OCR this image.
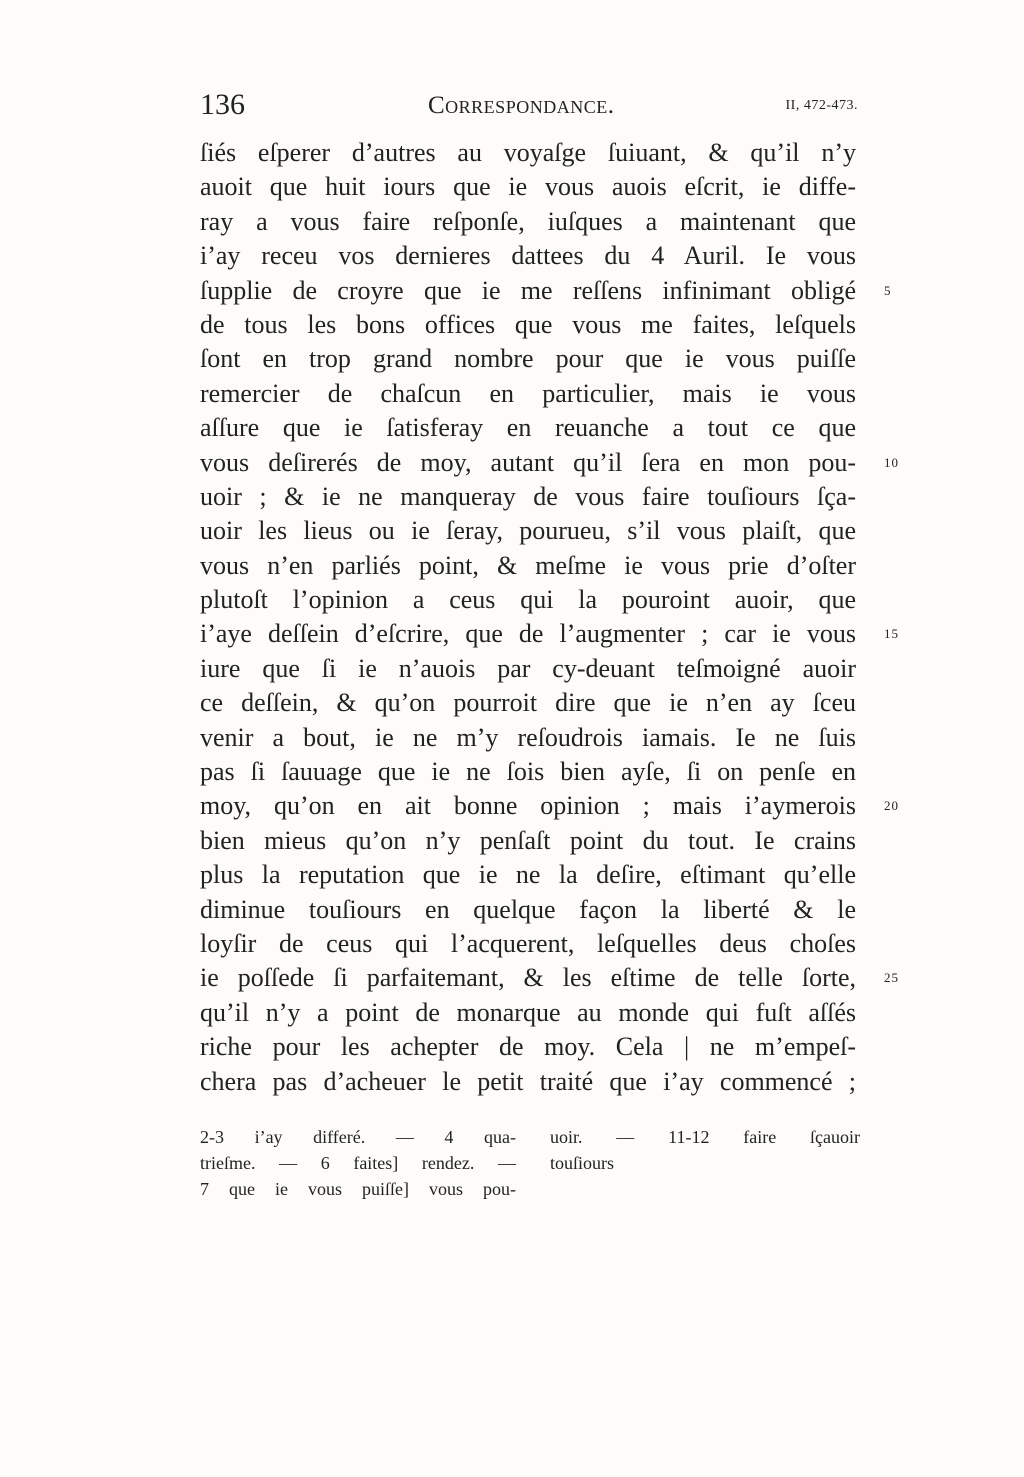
136	Correspondance.	II, 472-473.
ſiés eſperer d’autres au voyaſge ſuiuant, & qu’il n’y
auoit que huit iours que ie vous auois eſcrit, ie diffe-
ray a vous faire reſponſe, iuſques a maintenant que
i’ay receu vos dernieres dattees du 4 Auril. Ie vous
ſupplie de croyre que ie me reſſens infinimant obligé 5
de tous les bons offices que vous me faites, leſquels
ſont en trop grand nombre pour que ie vous puiſſe
remercier de chaſcun en particulier, mais ie vous
aſſure que ie ſatisferay en reuanche a tout ce que
vous deſirerés de moy, autant qu’il ſera en mon pou- 10
uoir ; & ie ne manqueray de vous faire touſiours ſça-
uoir les lieus ou ie ſeray, pourueu, s’il vous plaiſt, que
vous n’en parliés point, & meſme ie vous prie d’oſter
plutoſt l’opinion a ceus qui la pouroint auoir, que
i’aye deſſein d’eſcrire, que de l’augmenter ; car ie vous 15
iure que ſi ie n’auois par cy-deuant teſmoigné auoir
ce deſſein, & qu’on pourroit dire que ie n’en ay ſceu
venir a bout, ie ne m’y reſoudrois iamais. Ie ne ſuis
pas ſi ſauuage que ie ne ſois bien ayſe, ſi on penſe en
moy, qu’on en ait bonne opinion ; mais i’aymerois 20
bien mieus qu’on n’y penſaſt point du tout. Ie crains
plus la reputation que ie ne la deſire, eſtimant qu’elle
diminue touſiours en quelque façon la liberté & le
loyſir de ceus qui l’acquerent, leſquelles deus choſes
ie poſſede ſi parfaitemant, & les eſtime de telle ſorte, 25
qu’il n’y a point de monarque au monde qui fuſt aſſés
riche pour les achepter de moy. Cela | ne m’empeſ-
chera pas d’acheuer le petit traité que i’ay commencé ;
2-3 i’ay differé. — 4 qua-
trieſme. — 6 faites] rendez. —
7 que ie vous puiſſe] vous pou-
uoir. — 11-12 faire ſçauoir
touſiours
